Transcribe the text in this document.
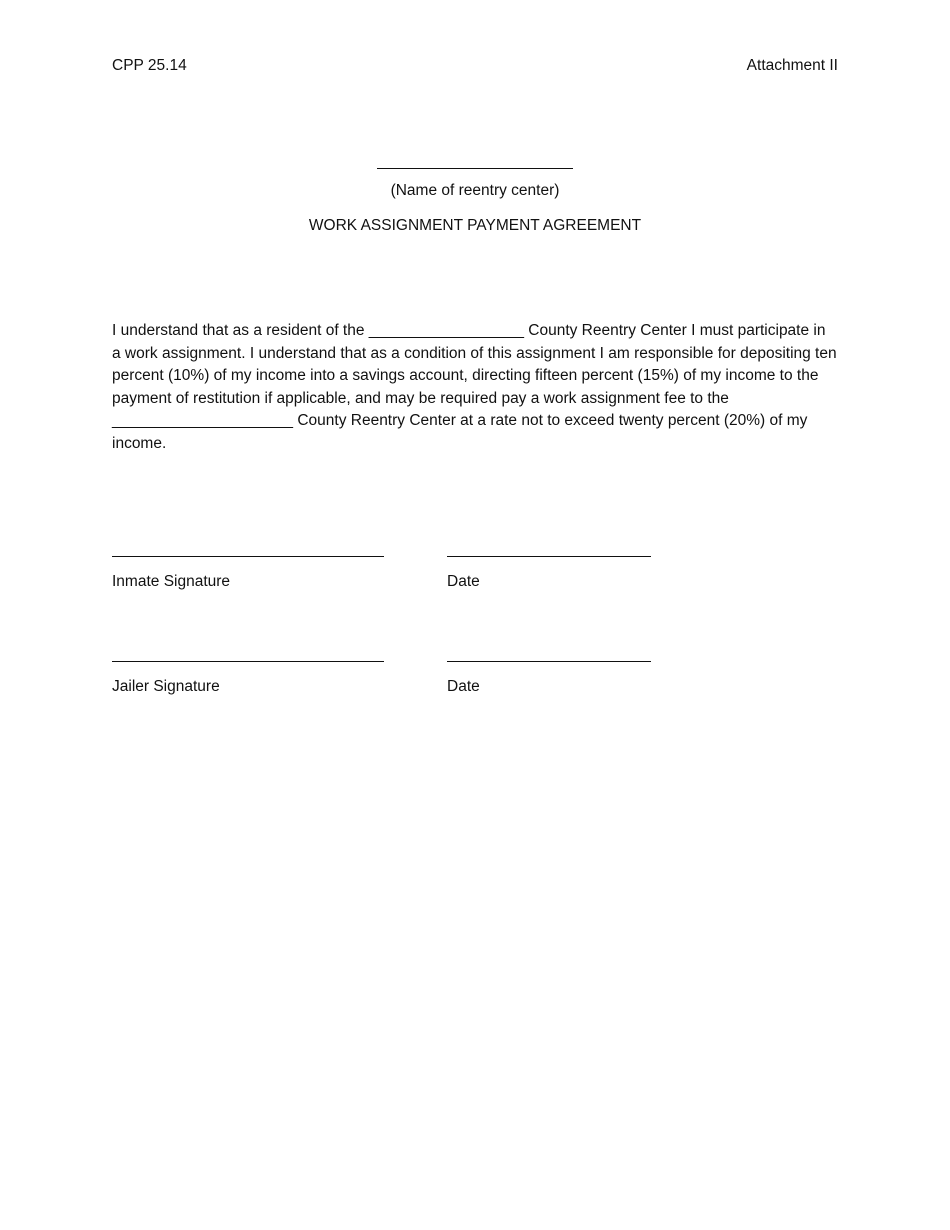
CPP 25.14	Attachment II
(Name of reentry center)
WORK ASSIGNMENT PAYMENT AGREEMENT
I understand that as a resident of the __________________ County Reentry Center I must participate in a work assignment. I understand that as a condition of this assignment I am responsible for depositing ten percent (10%) of my income into a savings account, directing fifteen percent (15%) of my income to the payment of restitution if applicable, and may be required pay a work assignment fee to the _____________________ County Reentry Center at a rate not to exceed twenty percent (20%) of my income.
Inmate Signature	Date
Jailer Signature	Date
